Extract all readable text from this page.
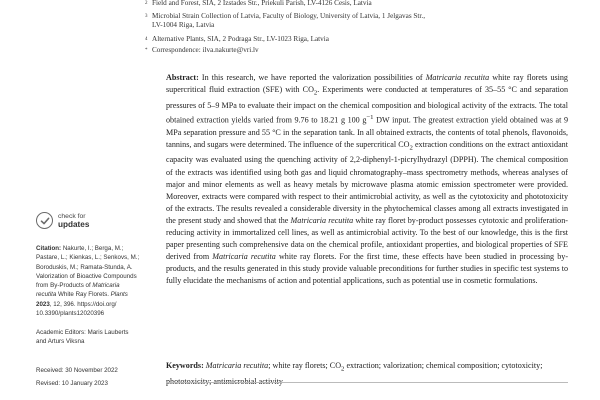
2 Field and Forest, SIA, 2 Izstades Str., Priekuli Parish, LV-4126 Cesis, Latvia
3 Microbial Strain Collection of Latvia, Faculty of Biology, University of Latvia, 1 Jelgavas Str.,
LV-1004 Riga, Latvia
4 Alternative Plants, SIA, 2 Podraga Str., LV-1023 Riga, Latvia
* Correspondence: ilva.nakurte@vri.lv
Abstract: In this research, we have reported the valorization possibilities of Matricaria recutita white ray florets using supercritical fluid extraction (SFE) with $CO_2$. Experiments were conducted at temperatures of 35–55 °C and separation pressures of 5–9 MPa to evaluate their impact on the chemical composition and biological activity of the extracts. The total obtained extraction yields varied from 9.76 to 18.21 g 100 $g^{-1}$ DW input. The greatest extraction yield obtained was at 9 MPa separation pressure and 55 °C in the separation tank. In all obtained extracts, the contents of total phenols, flavonoids, tannins, and sugars were determined. The influence of the supercritical $CO_2$ extraction conditions on the extract antioxidant capacity was evaluated using the quenching activity of 2,2-diphenyl-1-picrylhydrazyl (DPPH). The chemical composition of the extracts was identified using both gas and liquid chromatography–mass spectrometry methods, whereas analyses of major and minor elements as well as heavy metals by microwave plasma atomic emission spectrometer were provided. Moreover, extracts were compared with respect to their antimicrobial activity, as well as the cytotoxicity and phototoxicity of the extracts. The results revealed a considerable diversity in the phytochemical classes among all extracts investigated in the present study and showed that the Matricaria recutita white ray floret by-product possesses cytotoxic and proliferation-reducing activity in immortalized cell lines, as well as antimicrobial activity. To the best of our knowledge, this is the first paper presenting such comprehensive data on the chemical profile, antioxidant properties, and biological properties of SFE derived from Matricaria recutita white ray florets. For the first time, these effects have been studied in processing by-products, and the results generated in this study provide valuable preconditions for further studies in specific test systems to fully elucidate the mechanisms of action and potential applications, such as potential use in cosmetic formulations.
Keywords: Matricaria recutita; white ray florets; $CO_2$ extraction; valorization; chemical composition; cytotoxicity;
check for
updates
Citation: Nakurte, I.; Berga, M.;
Pastare, L.; Kienkas, L.; Senkovs, M.;
Boroduskis, M.; Ramata-Stunda, A.
Valorization of Bioactive Compounds
from By-Products of Matricaria
recutita White Ray Florets. Plants
2023, 12, 396. https://doi.org/
10.3390/plants12020396
Academic Editors: Maris Lauberts
and Arturs Viksna
Received: 30 November 2022
Revised: 10 January 2023
